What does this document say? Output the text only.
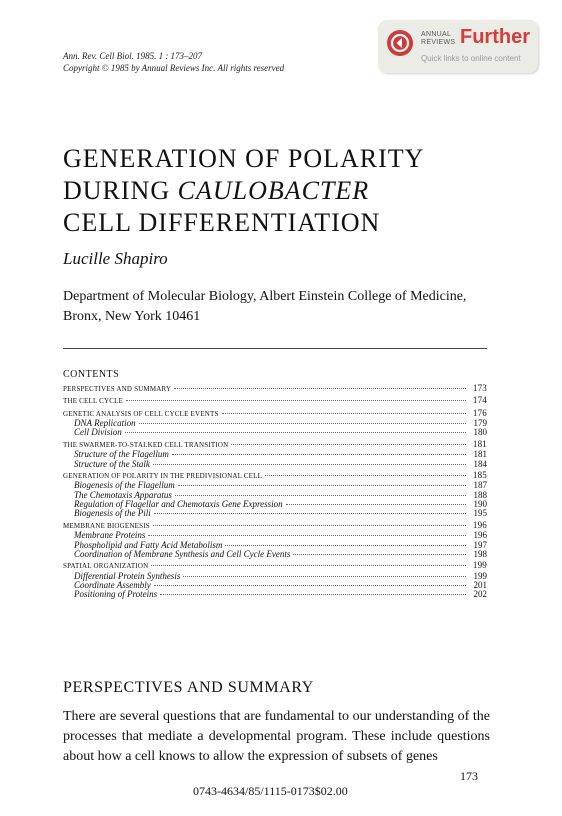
Ann. Rev. Cell Biol. 1985. 1 : 173–207
Copyright © 1985 by Annual Reviews Inc. All rights reserved
ANNUAL
REVIEWS Further
Quick links to online content
GENERATION OF POLARITY
DURING CAULOBACTER
CELL DIFFERENTIATION
Lucille Shapiro
Department of Molecular Biology, Albert Einstein College of Medicine, Bronx, New York 10461
CONTENTS
PERSPECTIVES AND SUMMARY	173
THE CELL CYCLE	174
GENETIC ANALYSIS OF CELL CYCLE EVENTS	176
DNA Replication	179
Cell Division	180
THE SWARMER-TO-STALKED CELL TRANSITION	181
Structure of the Flagellum	181
Structure of the Stalk	184
GENERATION OF POLARITY IN THE PREDIVISIONAL CELL	185
Biogenesis of the Flagellum	187
The Chemotaxis Apparatus	188
Regulation of Flagellar and Chemotaxis Gene Expression	190
Biogenesis of the Pili	195
MEMBRANE BIOGENESIS	196
Membrane Proteins	196
Phospholipid and Fatty Acid Metabolism	197
Coordination of Membrane Synthesis and Cell Cycle Events	198
SPATIAL ORGANIZATION	199
Differential Protein Synthesis	199
Coordinate Assembly	201
Positioning of Proteins	202
PERSPECTIVES AND SUMMARY
There are several questions that are fundamental to our understanding of the processes that mediate a developmental program. These include questions about how a cell knows to allow the expression of subsets of genes
173
0743-4634/85/1115-0173$02.00
